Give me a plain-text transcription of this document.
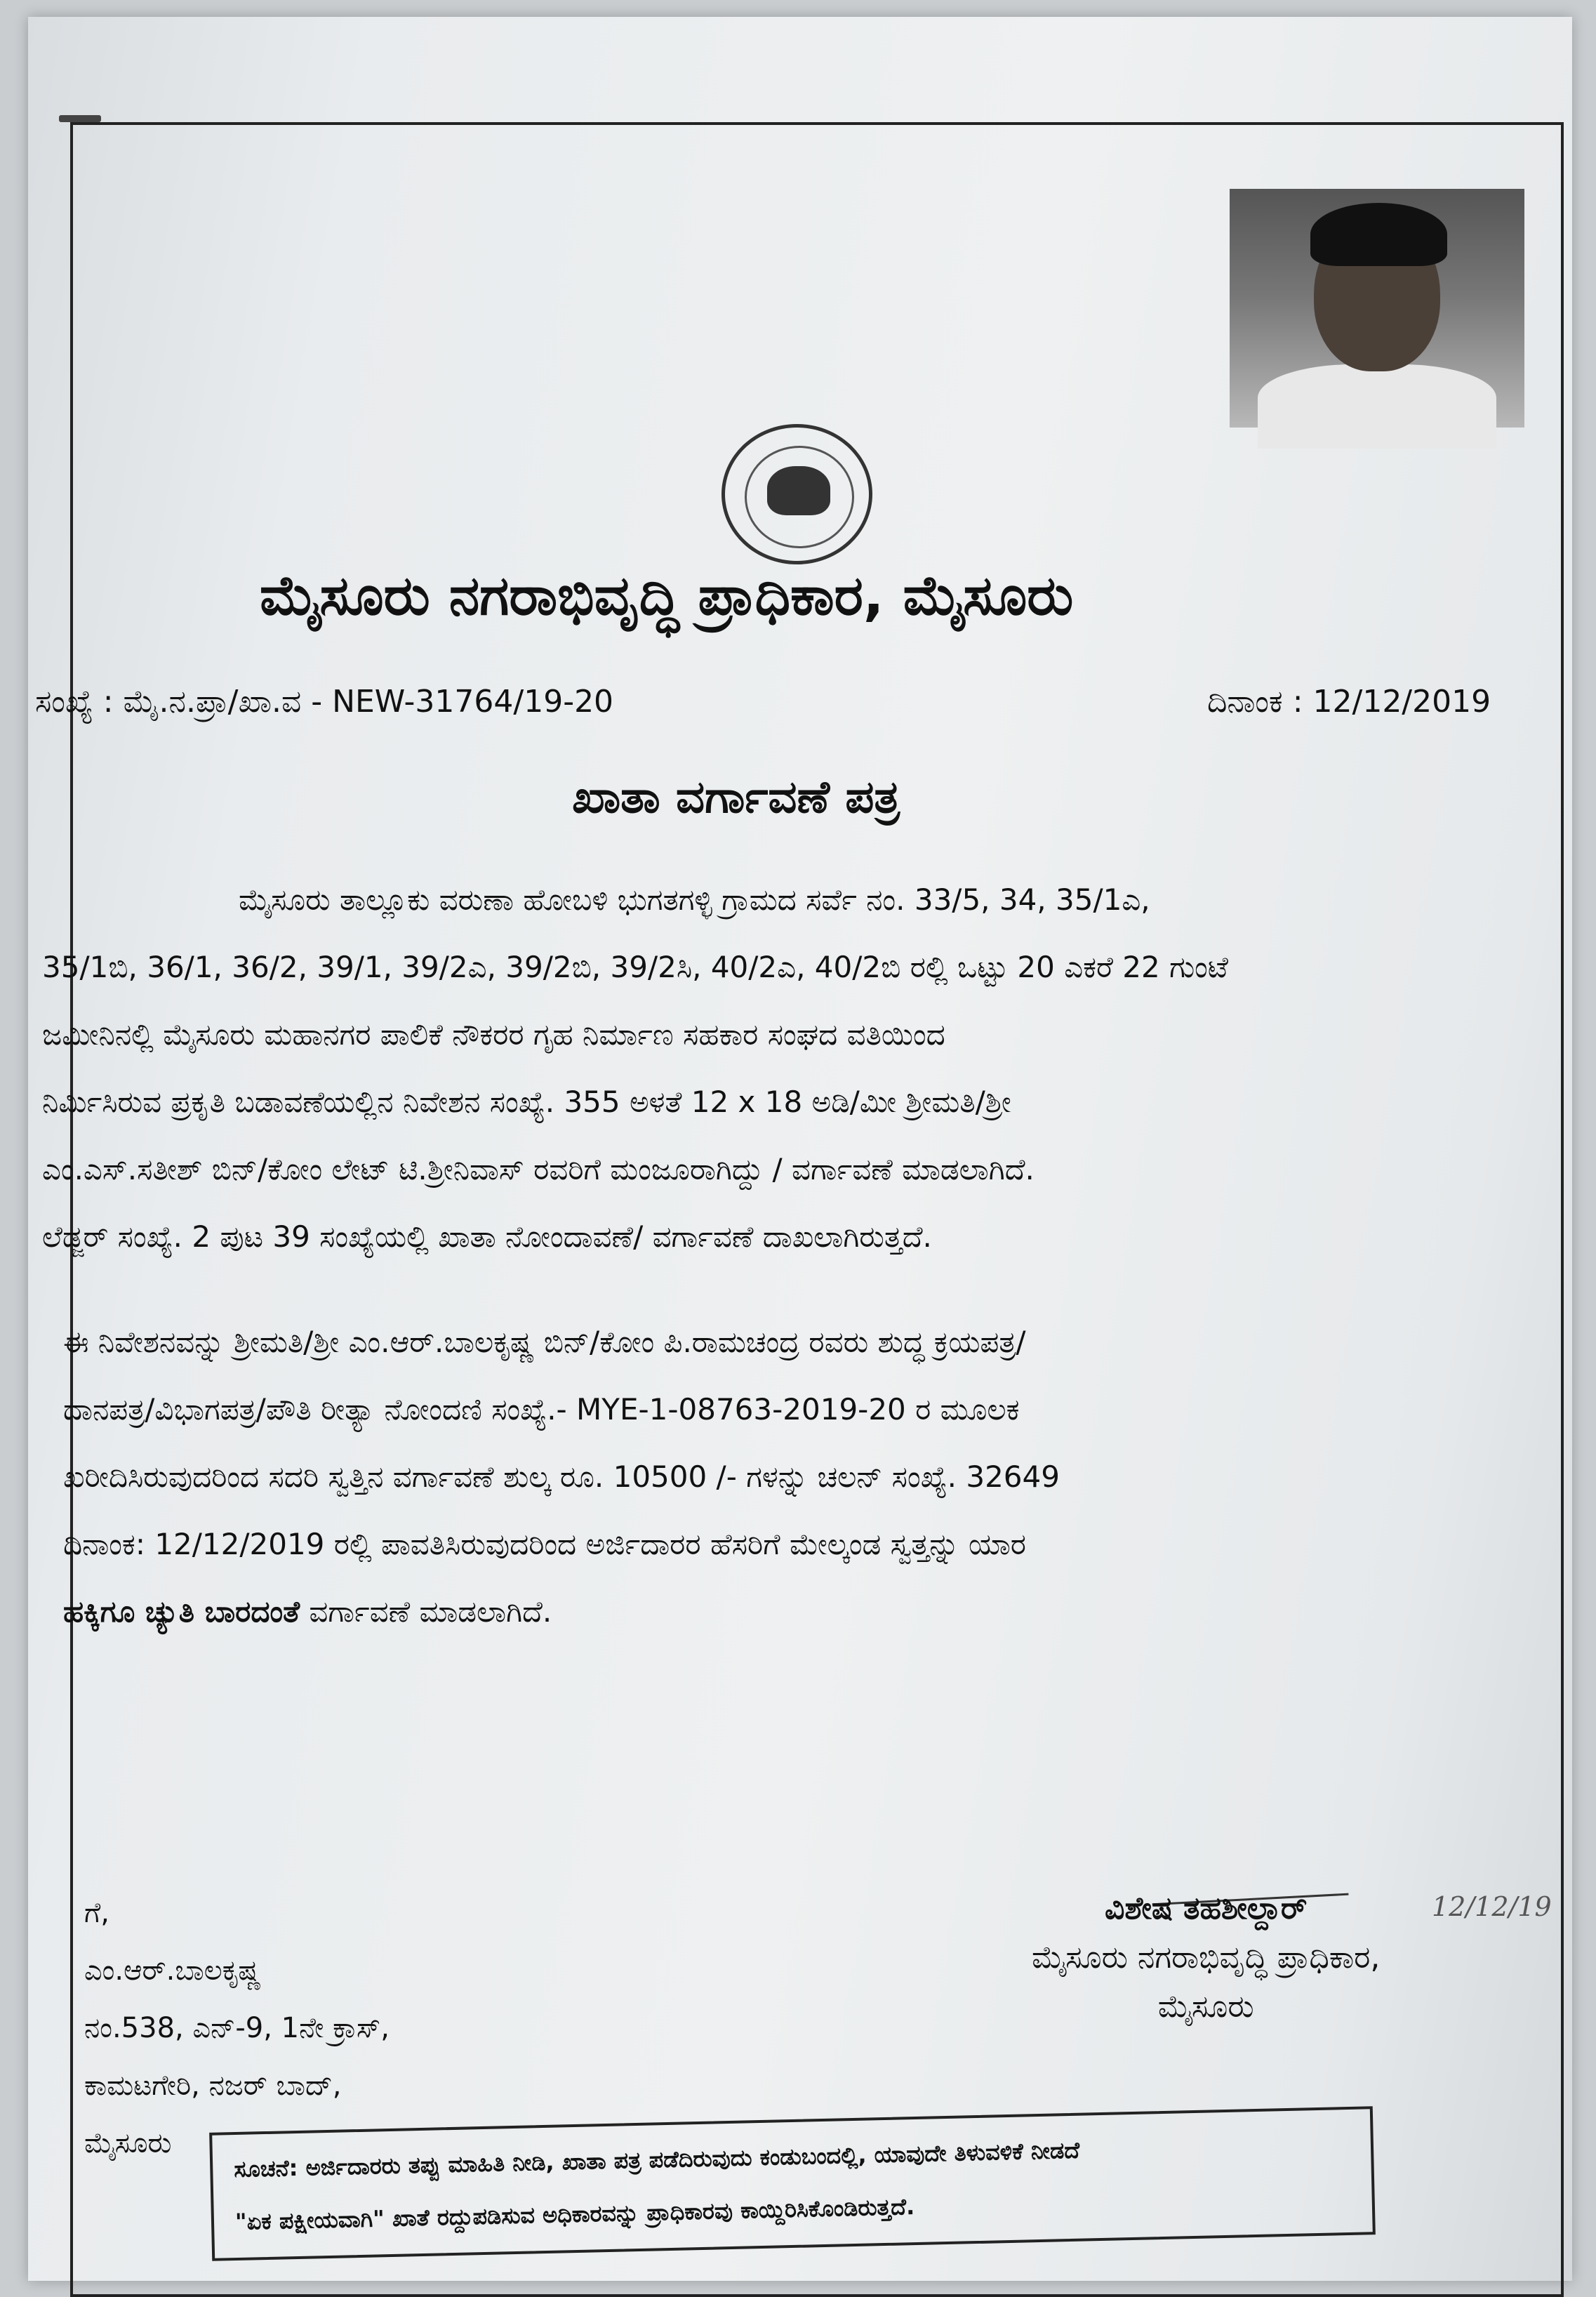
ಮೈಸೂರು ನಗರಾಭಿವೃದ್ಧಿ ಪ್ರಾಧಿಕಾರ, ಮೈಸೂರು
ಸಂಖ್ಯೆ : ಮೈ.ನ.ಪ್ರಾ/ಖಾ.ವ - NEW-31764/19-20	ದಿನಾಂಕ : 12/12/2019
ಖಾತಾ ವರ್ಗಾವಣೆ ಪತ್ರ
ಮೈಸೂರು ತಾಲ್ಲೂಕು ವರುಣಾ ಹೋಬಳಿ ಭುಗತಗಳ್ಳಿ ಗ್ರಾಮದ ಸರ್ವೆ ನಂ. 33/5, 34, 35/1ಎ,
35/1ಬಿ, 36/1, 36/2, 39/1, 39/2ಎ, 39/2ಬಿ, 39/2ಸಿ, 40/2ಎ, 40/2ಬಿ ರಲ್ಲಿ ಒಟ್ಟು 20 ಎಕರೆ 22 ಗುಂಟೆ
ಜಮೀನಿನಲ್ಲಿ ಮೈಸೂರು ಮಹಾನಗರ ಪಾಲಿಕೆ ನೌಕರರ ಗೃಹ ನಿರ್ಮಾಣ ಸಹಕಾರ ಸಂಘದ ವತಿಯಿಂದ
ನಿರ್ಮಿಸಿರುವ ಪ್ರಕೃತಿ ಬಡಾವಣೆಯಲ್ಲಿನ ನಿವೇಶನ ಸಂಖ್ಯೆ. 355 ಅಳತೆ 12 x 18 ಅಡಿ/ಮೀ ಶ್ರೀಮತಿ/ಶ್ರೀ
ಎಂ.ಎಸ್.ಸತೀಶ್ ಬಿನ್/ಕೋಂ ಲೇಟ್ ಟಿ.ಶ್ರೀನಿವಾಸ್ ರವರಿಗೆ ಮಂಜೂರಾಗಿದ್ದು / ವರ್ಗಾವಣೆ ಮಾಡಲಾಗಿದೆ.
ಲೆಡ್ಜರ್ ಸಂಖ್ಯೆ. 2 ಪುಟ 39 ಸಂಖ್ಯೆಯಲ್ಲಿ ಖಾತಾ ನೋಂದಾವಣೆ/ ವರ್ಗಾವಣೆ ದಾಖಲಾಗಿರುತ್ತದೆ.
ಈ ನಿವೇಶನವನ್ನು ಶ್ರೀಮತಿ/ಶ್ರೀ ಎಂ.ಆರ್.ಬಾಲಕೃಷ್ಣ ಬಿನ್/ಕೋಂ ಪಿ.ರಾಮಚಂದ್ರ ರವರು ಶುದ್ಧ ಕ್ರಯಪತ್ರ/
ದಾನಪತ್ರ/ವಿಭಾಗಪತ್ರ/ಪೌತಿ ರೀತ್ಯಾ ನೋಂದಣಿ ಸಂಖ್ಯೆ.- MYE-1-08763-2019-20 ರ ಮೂಲಕ
ಖರೀದಿಸಿರುವುದರಿಂದ ಸದರಿ ಸ್ವತ್ತಿನ ವರ್ಗಾವಣೆ ಶುಲ್ಕ ರೂ. 10500 /- ಗಳನ್ನು ಚಲನ್ ಸಂಖ್ಯೆ. 32649
ದಿನಾಂಕ: 12/12/2019 ರಲ್ಲಿ ಪಾವತಿಸಿರುವುದರಿಂದ ಅರ್ಜಿದಾರರ ಹೆಸರಿಗೆ ಮೇಲ್ಕಂಡ ಸ್ವತ್ತನ್ನು ಯಾರ
ಹಕ್ಕಿಗೂ ಚ್ಯುತಿ ಬಾರದಂತೆ ವರ್ಗಾವಣೆ ಮಾಡಲಾಗಿದೆ.
ಗೆ,
ಎಂ.ಆರ್.ಬಾಲಕೃಷ್ಣ
ನಂ.538, ಎನ್-9, 1ನೇ ಕ್ರಾಸ್,
ಕಾಮಟಗೇರಿ, ನಜರ್ ಬಾದ್,
ಮೈಸೂರು
12/12/19
ವಿಶೇಷ ತಹಶೀಲ್ದಾರ್
ಮೈಸೂರು ನಗರಾಭಿವೃದ್ಧಿ ಪ್ರಾಧಿಕಾರ,
ಮೈಸೂರು
ಸೂಚನೆ: ಅರ್ಜಿದಾರರು ತಪ್ಪು ಮಾಹಿತಿ ನೀಡಿ, ಖಾತಾ ಪತ್ರ ಪಡೆದಿರುವುದು ಕಂಡುಬಂದಲ್ಲಿ, ಯಾವುದೇ ತಿಳುವಳಿಕೆ ನೀಡದೆ
"ಏಕ ಪಕ್ಷೀಯವಾಗಿ" ಖಾತೆ ರದ್ದುಪಡಿಸುವ ಅಧಿಕಾರವನ್ನು ಪ್ರಾಧಿಕಾರವು ಕಾಯ್ದಿರಿಸಿಕೊಂಡಿರುತ್ತದೆ.
